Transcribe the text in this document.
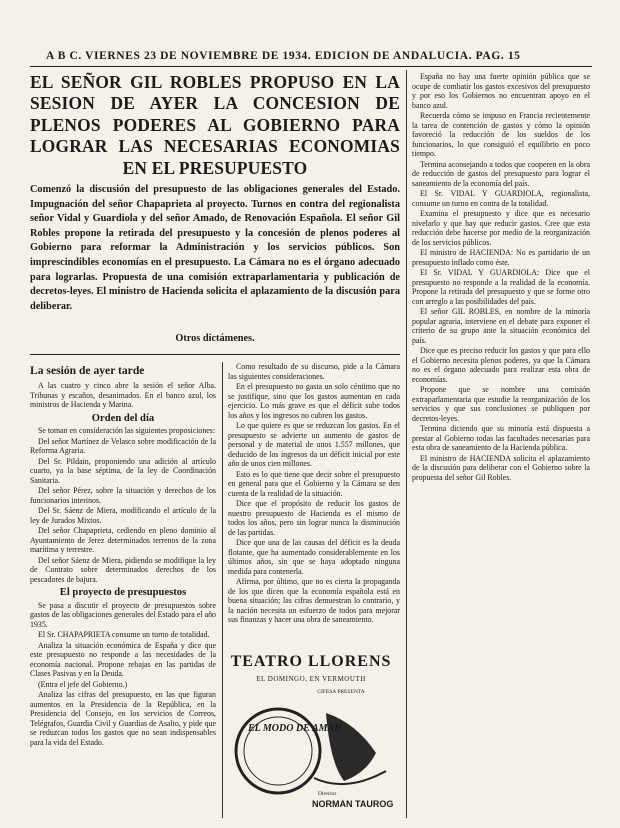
A B C. VIERNES 23 DE NOVIEMBRE DE 1934. EDICION DE ANDALUCIA. PAG. 15
EL SEÑOR GIL ROBLES PROPUSO EN LA SESION DE AYER LA CONCESION DE PLENOS PODERES AL GOBIERNO PARA LOGRAR LAS NECESARIAS ECONOMIAS EN EL PRESUPUESTO

Comenzó la discusión del presupuesto de las obligaciones generales del Estado. Impugnación del señor Chapaprieta al proyecto. Turnos en contra del regionalista señor Vidal y Guardiola y del señor Amado, de Renovación Española. El señor Gil Robles propone la retirada del presupuesto y la concesión de plenos poderes al Gobierno para reformar la Administración y los servicios públicos. Son imprescindibles economías en el presupuesto. La Cámara no es el órgano adecuado para lograrlas. Propuesta de una comisión extraparlamentaria y publicación de decretos-leyes. El ministro de Hacienda solicita el aplazamiento de la discusión para deliberar.

Otros dictámenes.
La sesión de ayer tarde

A las cuatro y cinco abre la sesión el señor Alba. Tribunas y escaños, desanimados. En el banco azul, los ministros de Hacienda y Marina.

Orden del día

Se toman en consideración las siguientes proposiciones:

Del señor Martínez de Velasco sobre modificación de la Reforma Agraria.

Del Sr. Pildain, proponiendo una adición al artículo cuarto, ya la base séptima, de la ley de Coordinación Sanitaria.

Del señor Pérez, sobre la situación y derechos de los funcionarios interinos.

Del Sr. Sáenz de Miera, modificando el artículo de la ley de Jurados Mixtos.

Del señor Chapaprieta, cediendo en pleno dominio al Ayuntamiento de Jerez determinados terrenos de la zona marítima y terrestre.

Del señor Sáenz de Miera, pidiendo se modifique la ley de Contrato sobre determinados derechos de los pescadores de bajura.

El proyecto de presupuestos

Se pasa a discutir el proyecto de presupuestos sobre gastos de las obligaciones generales del Estado para el año 1935.

El Sr. CHAPAPRIETA consume un turno de totalidad.

Analiza la situación económica de España y dice que este presupuesto no responde a las necesidades de la economía nacional. Propone rebajas en las partidas de Clases Pasivas y en la Deuda.

(Entra el jefe del Gobierno.)

Analiza las cifras del presupuesto, en las que figuran aumentos en la Presidencia de la República, en la Presidencia del Consejo, en los servicios de Correos, Telégrafos, Guardia Civil y Guardias de Asalto, y pide que se reduzcan todos los gastos que no sean indispensables para la vida del Estado.

Como resultado de su discurso, pide a la Cámara las siguientes consideraciones.

En el presupuesto no gasta un solo céntimo que no se justifique, sino que los gastos aumentan en cada ejercicio. Lo más grave es que el déficit sube todos los años y los ingresos no cubren los gastos.

Lo que quiere es que se reduzcan los gastos. En el presupuesto se advierte un aumento de gastos de personal y de material de unos 1.557 millones, que deducido de los ingresos da un déficit inicial por este año de unos cien millones.

Esto es lo que tiene que decir sobre el presupuesto en general para que el Gobierno y la Cámara se den cuenta de la realidad de la situación.

Dice que el propósito de reducir los gastos de nuestro presupuesto de Hacienda es el mismo de todos los años, pero sin lograr nunca la disminución de las partidas.

Dice que una de las causas del déficit es la deuda flotante, que ha aumentado considerablemente en los últimos años, sin que se haya adoptado ninguna medida para contenerla.

Afirma, por último, que no es cierta la propaganda de los que dicen que la economía española está en buena situación; las cifras demuestran lo contrario, y la nación necesita un esfuerzo de todos para mejorar sus finanzas y hacer una obra de saneamiento.

TEATRO LLORENS
EL DOMINGO, EN VERMOUTH
CIFESA PRESENTA
EL MODO DE AMAR
Director
NORMAN TAUROG

España no hay una fuerte opinión pública que se ocupe de combatir los gastos excesivos del presupuesto y por eso los Gobiernos no encuentran apoyo en el banco azul.

Recuerda cómo se impuso en Francia recientemente la tarea de contención de gastos y cómo la opinión favoreció la reducción de los sueldos de los funcionarios, lo que consiguió el equilibrio en poco tiempo.

Termina aconsejando a todos que cooperen en la obra de reducción de gastos del presupuesto para lograr el saneamiento de la economía del país.

El Sr. VIDAL Y GUARDIOLA, regionalista, consume un turno en contra de la totalidad.

Examina el presupuesto y dice que es necesario nivelarlo y que hay que reducir gastos. Cree que esta reducción debe hacerse por medio de la reorganización de los servicios públicos.

El ministro de HACIENDA: No es partidario de un presupuesto inflado como éste.

El Sr. VIDAL Y GUARDIOLA: Dice que el presupuesto no responde a la realidad de la economía. Propone la retirada del presupuesto y que se forme otro con arreglo a las posibilidades del país.

El señor GIL ROBLES, en nombre de la minoría popular agraria, interviene en el debate para exponer el criterio de su grupo ante la situación económica del país.

Dice que es preciso reducir los gastos y que para ello el Gobierno necesita plenos poderes, ya que la Cámara no es el órgano adecuado para realizar esta obra de economías.

Propone que se nombre una comisión extraparlamentaria que estudie la reorganización de los servicios y que sus conclusiones se publiquen por decretos-leyes.

Termina diciendo que su minoría está dispuesta a prestar al Gobierno todas las facultades necesarias para esta obra de saneamiento de la Hacienda pública.

El ministro de HACIENDA solicita el aplazamiento de la discusión para deliberar con el Gobierno sobre la propuesta del señor Gil Robles.
